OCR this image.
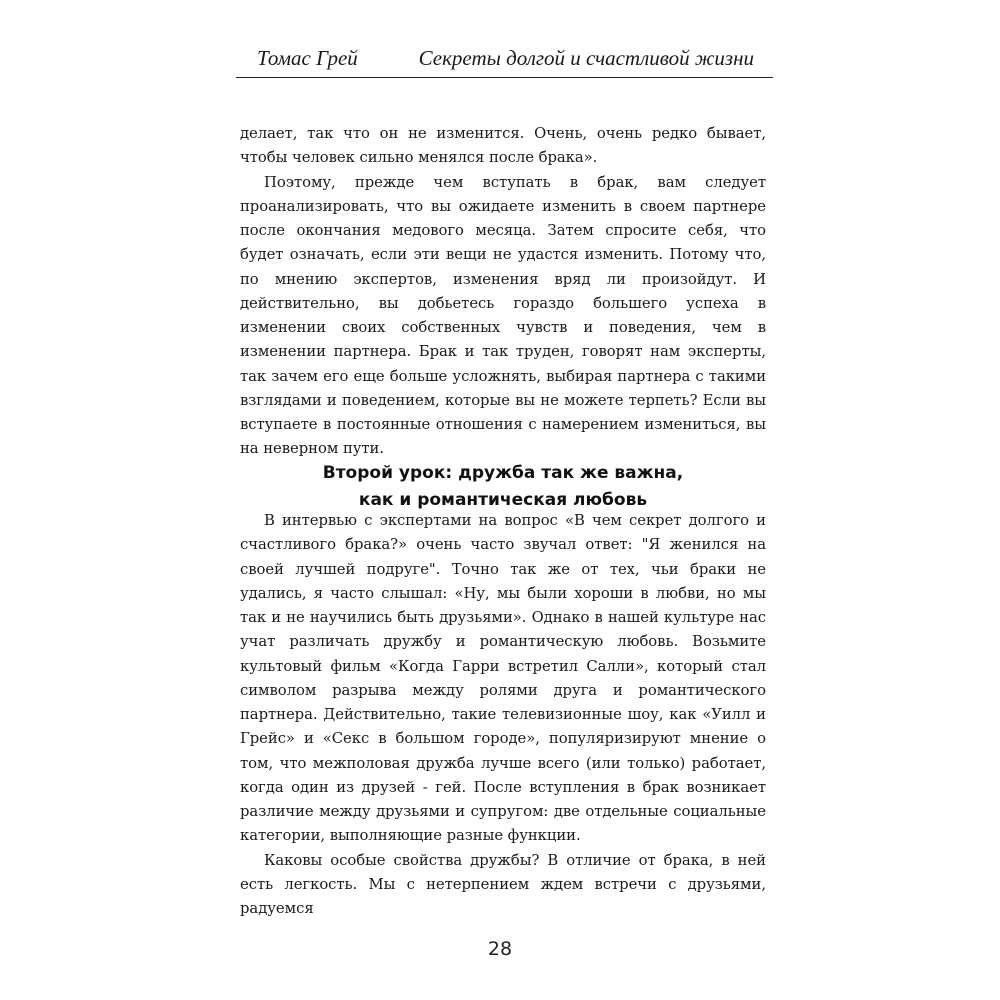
Томас Грей	Секреты долгой и счастливой жизни

делает, так что он не изменится. Очень, очень редко бывает, чтобы человек сильно менялся после брака».

Поэтому, прежде чем вступать в брак, вам следует проанализировать, что вы ожидаете изменить в своем партнере после окончания медового месяца. Затем спросите себя, что будет означать, если эти вещи не удастся изменить. Потому что, по мнению экспертов, изменения вряд ли произойдут. И действительно, вы добьетесь гораздо большего успеха в изменении своих собственных чувств и поведения, чем в изменении партнера. Брак и так труден, говорят нам эксперты, так зачем его еще больше усложнять, выбирая партнера с такими взглядами и поведением, которые вы не можете терпеть? Если вы вступаете в постоянные отношения с намерением измениться, вы на неверном пути.

Второй урок: дружба так же важна,
как и романтическая любовь

В интервью с экспертами на вопрос «В чем секрет долгого и счастливого брака?» очень часто звучал ответ: "Я женился на своей лучшей подруге". Точно так же от тех, чьи браки не удались, я часто слышал: «Ну, мы были хороши в любви, но мы так и не научились быть друзьями». Однако в нашей культуре нас учат различать дружбу и романтическую любовь. Возьмите культовый фильм «Когда Гарри встретил Салли», который стал символом разрыва между ролями друга и романтического партнера. Действительно, такие телевизионные шоу, как «Уилл и Грейс» и «Секс в большом городе», популяризируют мнение о том, что межполовая дружба лучше всего (или только) работает, когда один из друзей - гей. После вступления в брак возникает различие между друзьями и супругом: две отдельные социальные категории, выполняющие разные функции.

Каковы особые свойства дружбы? В отличие от брака, в ней есть легкость. Мы с нетерпением ждем встречи с друзьями, радуемся

28
